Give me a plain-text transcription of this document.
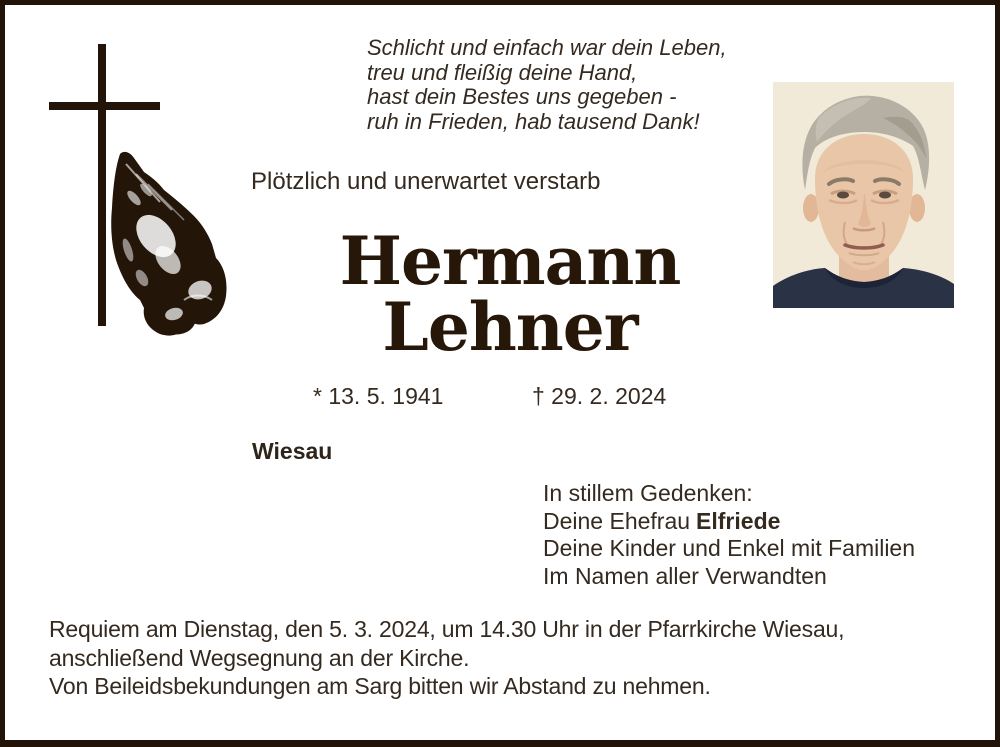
Schlicht und einfach war dein Leben,
treu und fleißig deine Hand,
hast dein Bestes uns gegeben -
ruh in Frieden, hab tausend Dank!
Plötzlich und unerwartet verstarb
Hermann
Lehner
* 13. 5. 1941	† 29. 2. 2024
Wiesau
In stillem Gedenken:
Deine Ehefrau Elfriede
Deine Kinder und Enkel mit Familien
Im Namen aller Verwandten
Requiem am Dienstag, den 5. 3. 2024, um 14.30 Uhr in der Pfarrkirche Wiesau,
anschließend Wegsegnung an der Kirche.
Von Beileidsbekundungen am Sarg bitten wir Abstand zu nehmen.
